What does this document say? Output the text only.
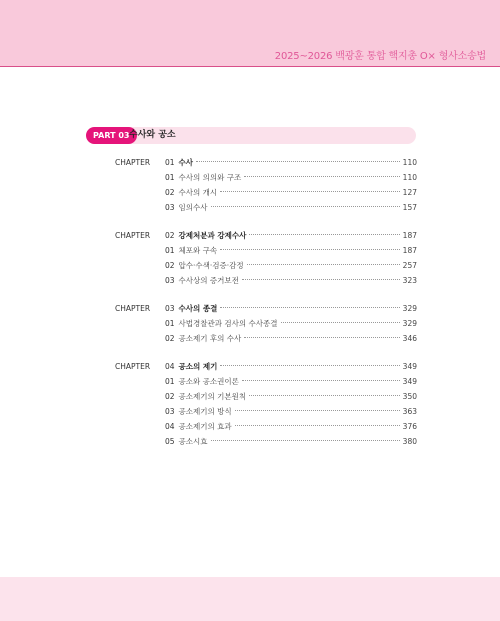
2025~2026 백광훈 통합 핵지총 O× 형사소송법
PART 03 수사와 공소
CHAPTER	01 수사	110
01 수사의 의의와 구조	110
02 수사의 개시	127
03 임의수사	157
CHAPTER	02 강제처분과 강제수사	187
01 체포와 구속	187
02 압수·수색·검증·감정	257
03 수사상의 증거보전	323
CHAPTER	03 수사의 종결	329
01 사법경찰관과 검사의 수사종결	329
02 공소제기 후의 수사	346
CHAPTER	04 공소의 제기	349
01 공소와 공소권이론	349
02 공소제기의 기본원칙	350
03 공소제기의 방식	363
04 공소제기의 효과	376
05 공소시효	380
